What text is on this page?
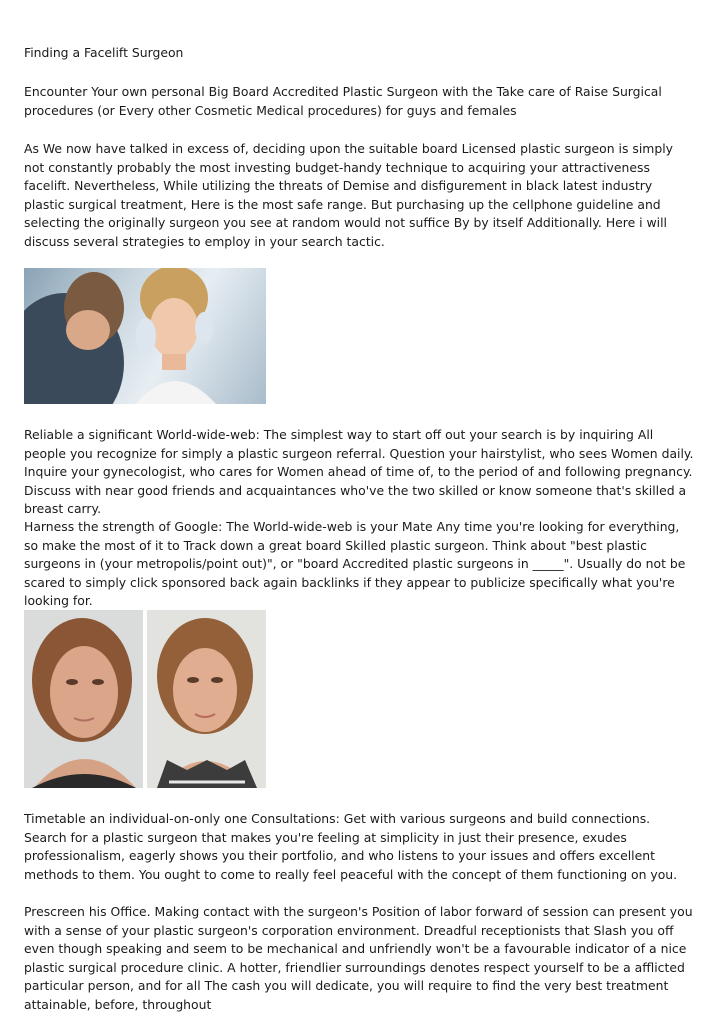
Finding a Facelift Surgeon

Encounter Your own personal Big Board Accredited Plastic Surgeon with the Take care of Raise Surgical procedures (or Every other Cosmetic Medical procedures) for guys and females

As We now have talked in excess of, deciding upon the suitable board Licensed plastic surgeon is simply not constantly probably the most investing budget-handy technique to acquiring your attractiveness facelift. Nevertheless, While utilizing the threats of Demise and disfigurement in black latest industry plastic surgical treatment, Here is the most safe range. But purchasing up the cellphone guideline and selecting the originally surgeon you see at random would not suffice By by itself Additionally. Here i will discuss several strategies to employ in your search tactic.

Reliable a significant World-wide-web: The simplest way to start off out your search is by inquiring All people you recognize for simply a plastic surgeon referral. Question your hairstylist, who sees Women daily. Inquire your gynecologist, who cares for Women ahead of time of, to the period of and following pregnancy. Discuss with near good friends and acquaintances who've the two skilled or know someone that's skilled a breast carry.

Harness the strength of Google: The World-wide-web is your Mate Any time you're looking for everything, so make the most of it to Track down a great board Skilled plastic surgeon. Think about "best plastic surgeons in (your metropolis/point out)", or "board Accredited plastic surgeons in _____". Usually do not be scared to simply click sponsored back again backlinks if they appear to publicize specifically what you're looking for.

Timetable an individual-on-only one Consultations: Get with various surgeons and build connections. Search for a plastic surgeon that makes you're feeling at simplicity in just their presence, exudes professionalism, eagerly shows you their portfolio, and who listens to your issues and offers excellent methods to them. You ought to come to really feel peaceful with the concept of them functioning on you.

Prescreen his Office. Making contact with the surgeon's Position of labor forward of session can present you with a sense of your plastic surgeon's corporation environment. Dreadful receptionists that Slash you off even though speaking and seem to be mechanical and unfriendly won't be a favourable indicator of a nice plastic surgical procedure clinic. A hotter, friendlier surroundings denotes respect yourself to be a afflicted particular person, and for all The cash you will dedicate, you will require to find the very best treatment attainable, before, throughout
